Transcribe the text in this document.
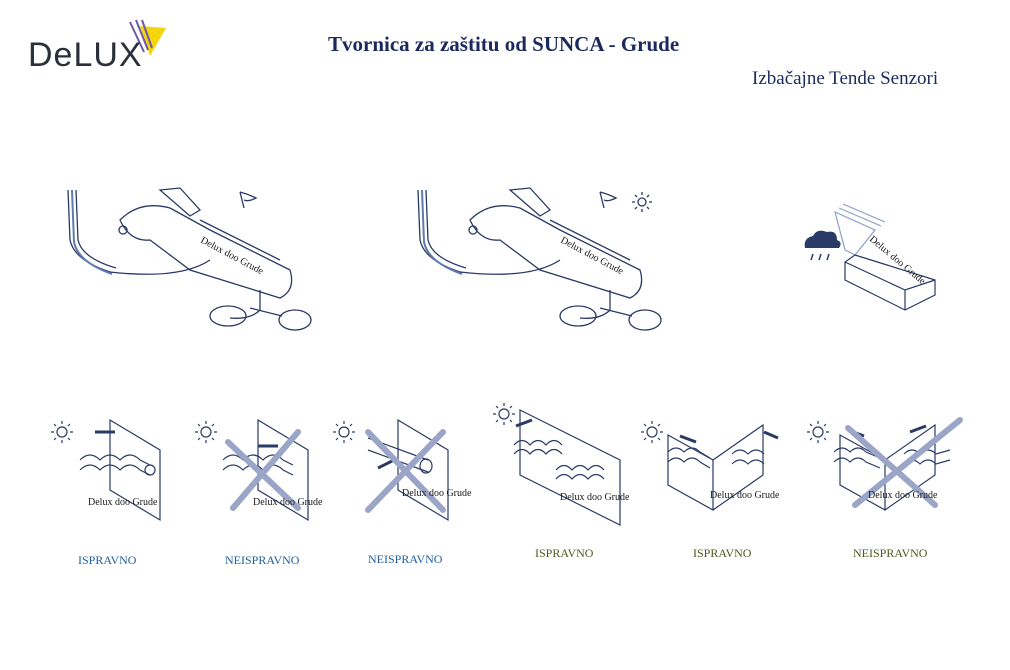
DeLUX	Tvornica za zaštitu od SUNCA - Grude
Izbačajne Tende Senzori
Delux doo Grude	Delux doo Grude	Delux doo Grude
Delux doo Grude
ISPRAVNO
Delux doo Grude
NEISPRAVNO
Delux doo Grude
NEISPRAVNO
Delux doo Grude
ISPRAVNO
Delux doo Grude
ISPRAVNO
Delux doo Grude
NEISPRAVNO
